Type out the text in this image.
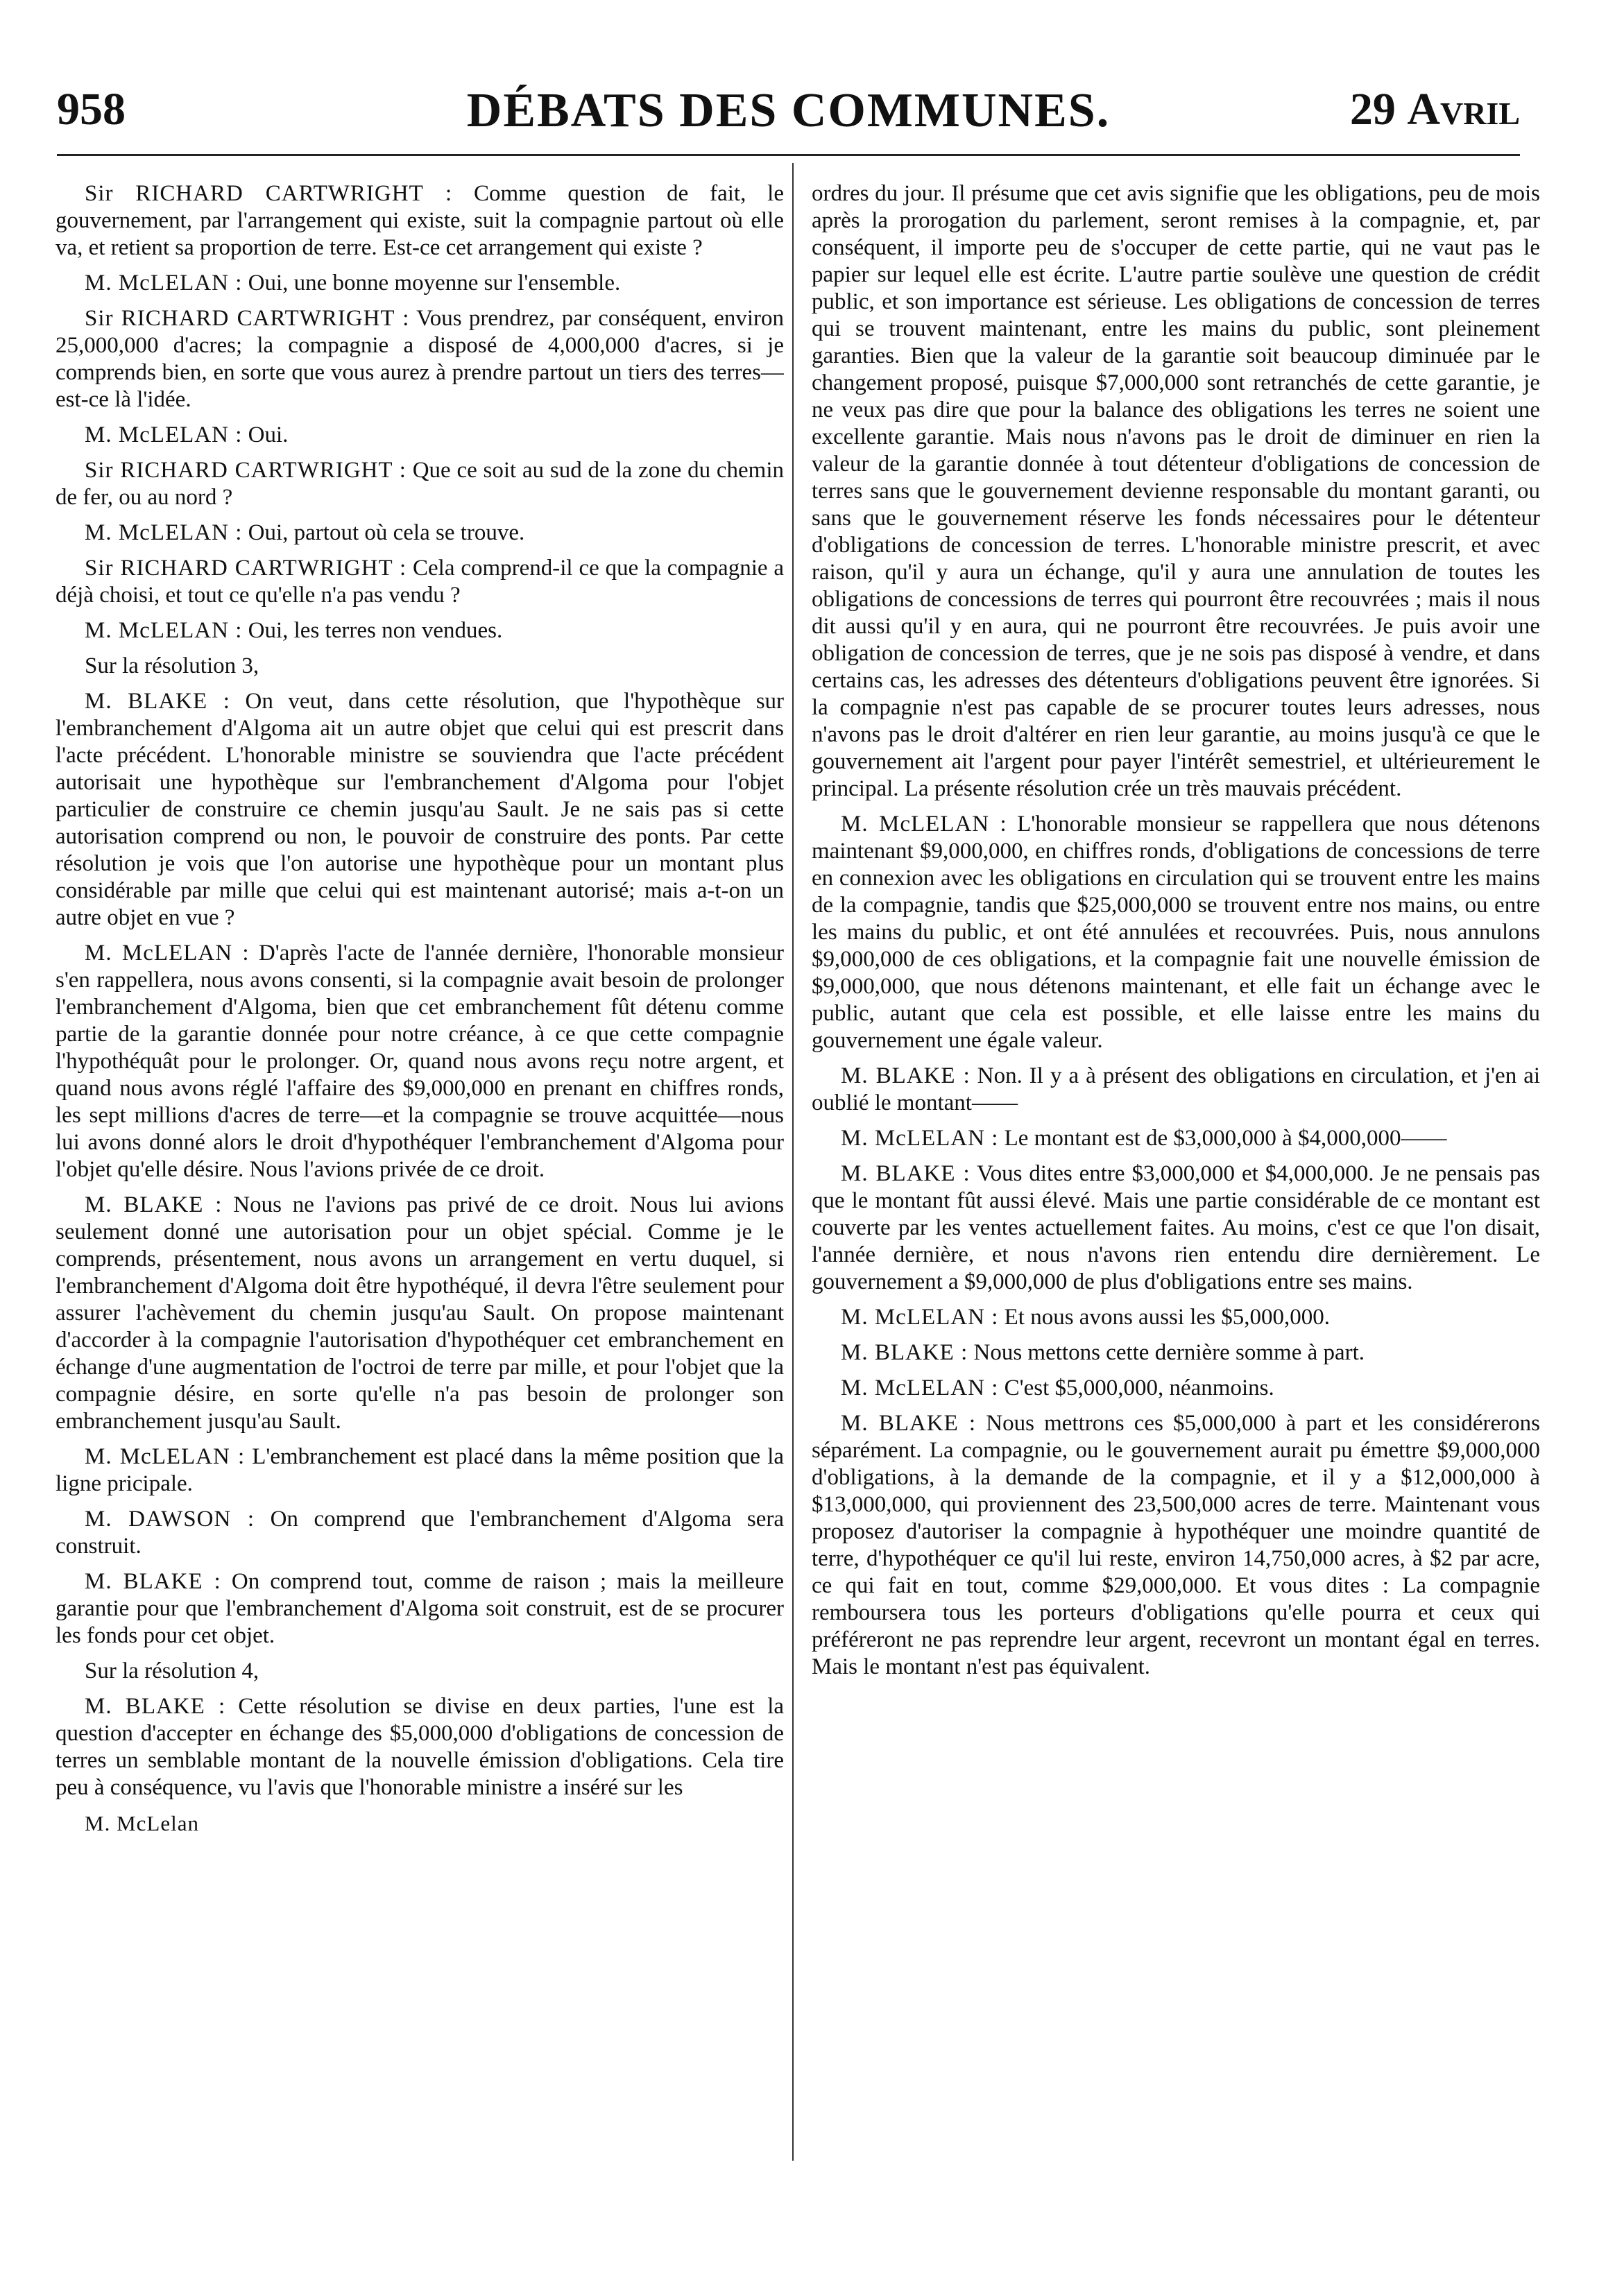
958	DÉBATS DES COMMUNES.	29 Avril

Sir RICHARD CARTWRIGHT : Comme question de fait, le gouvernement, par l'arrangement qui existe, suit la compagnie partout où elle va, et retient sa proportion de terre. Est-ce cet arrangement qui existe ?

M. McLELAN : Oui, une bonne moyenne sur l'ensemble.

Sir RICHARD CARTWRIGHT : Vous prendrez, par conséquent, environ 25,000,000 d'acres; la compagnie a disposé de 4,000,000 d'acres, si je comprends bien, en sorte que vous aurez à prendre partout un tiers des terres—est-ce là l'idée.

M. McLELAN : Oui.

Sir RICHARD CARTWRIGHT : Que ce soit au sud de la zone du chemin de fer, ou au nord ?

M. McLELAN : Oui, partout où cela se trouve.

Sir RICHARD CARTWRIGHT : Cela comprend-il ce que la compagnie a déjà choisi, et tout ce qu'elle n'a pas vendu ?

M. McLELAN : Oui, les terres non vendues.

Sur la résolution 3,

M. BLAKE : On veut, dans cette résolution, que l'hypothèque sur l'embranchement d'Algoma ait un autre objet que celui qui est prescrit dans l'acte précédent. L'honorable ministre se souviendra que l'acte précédent autorisait une hypothèque sur l'embranchement d'Algoma pour l'objet particulier de construire ce chemin jusqu'au Sault. Je ne sais pas si cette autorisation comprend ou non, le pouvoir de construire des ponts. Par cette résolution je vois que l'on autorise une hypothèque pour un montant plus considérable par mille que celui qui est maintenant autorisé; mais a-t-on un autre objet en vue ?

M. McLELAN : D'après l'acte de l'année dernière, l'honorable monsieur s'en rappellera, nous avons consenti, si la compagnie avait besoin de prolonger l'embranchement d'Algoma, bien que cet embranchement fût détenu comme partie de la garantie donnée pour notre créance, à ce que cette compagnie l'hypothéquât pour le prolonger. Or, quand nous avons reçu notre argent, et quand nous avons réglé l'affaire des $9,000,000 en prenant en chiffres ronds, les sept millions d'acres de terre—et la compagnie se trouve acquittée—nous lui avons donné alors le droit d'hypothéquer l'embranchement d'Algoma pour l'objet qu'elle désire. Nous l'avions privée de ce droit.

M. BLAKE : Nous ne l'avions pas privé de ce droit. Nous lui avions seulement donné une autorisation pour un objet spécial. Comme je le comprends, présentement, nous avons un arrangement en vertu duquel, si l'embranchement d'Algoma doit être hypothéqué, il devra l'être seulement pour assurer l'achèvement du chemin jusqu'au Sault. On propose maintenant d'accorder à la compagnie l'autorisation d'hypothéquer cet embranchement en échange d'une augmentation de l'octroi de terre par mille, et pour l'objet que la compagnie désire, en sorte qu'elle n'a pas besoin de prolonger son embranchement jusqu'au Sault.

M. McLELAN : L'embranchement est placé dans la même position que la ligne pricipale.

M. DAWSON : On comprend que l'embranchement d'Algoma sera construit.

M. BLAKE : On comprend tout, comme de raison ; mais la meilleure garantie pour que l'embranchement d'Algoma soit construit, est de se procurer les fonds pour cet objet.

Sur la résolution 4,

M. BLAKE : Cette résolution se divise en deux parties, l'une est la question d'accepter en échange des $5,000,000 d'obligations de concession de terres un semblable montant de la nouvelle émission d'obligations. Cela tire peu à conséquence, vu l'avis que l'honorable ministre a inséré sur les

M. McLelan

ordres du jour. Il présume que cet avis signifie que les obligations, peu de mois après la prorogation du parlement, seront remises à la compagnie, et, par conséquent, il importe peu de s'occuper de cette partie, qui ne vaut pas le papier sur lequel elle est écrite. L'autre partie soulève une question de crédit public, et son importance est sérieuse. Les obligations de concession de terres qui se trouvent maintenant, entre les mains du public, sont pleinement garanties. Bien que la valeur de la garantie soit beaucoup diminuée par le changement proposé, puisque $7,000,000 sont retranchés de cette garantie, je ne veux pas dire que pour la balance des obligations les terres ne soient une excellente garantie. Mais nous n'avons pas le droit de diminuer en rien la valeur de la garantie donnée à tout détenteur d'obligations de concession de terres sans que le gouvernement devienne responsable du montant garanti, ou sans que le gouvernement réserve les fonds nécessaires pour le détenteur d'obligations de concession de terres. L'honorable ministre prescrit, et avec raison, qu'il y aura un échange, qu'il y aura une annulation de toutes les obligations de concessions de terres qui pourront être recouvrées ; mais il nous dit aussi qu'il y en aura, qui ne pourront être recouvrées. Je puis avoir une obligation de concession de terres, que je ne sois pas disposé à vendre, et dans certains cas, les adresses des détenteurs d'obligations peuvent être ignorées. Si la compagnie n'est pas capable de se procurer toutes leurs adresses, nous n'avons pas le droit d'altérer en rien leur garantie, au moins jusqu'à ce que le gouvernement ait l'argent pour payer l'intérêt semestriel, et ultérieurement le principal. La présente résolution crée un très mauvais précédent.

M. McLELAN : L'honorable monsieur se rappellera que nous détenons maintenant $9,000,000, en chiffres ronds, d'obligations de concessions de terre en connexion avec les obligations en circulation qui se trouvent entre les mains de la compagnie, tandis que $25,000,000 se trouvent entre nos mains, ou entre les mains du public, et ont été annulées et recouvrées. Puis, nous annulons $9,000,000 de ces obligations, et la compagnie fait une nouvelle émission de $9,000,000, que nous détenons maintenant, et elle fait un échange avec le public, autant que cela est possible, et elle laisse entre les mains du gouvernement une égale valeur.

M. BLAKE : Non. Il y a à présent des obligations en circulation, et j'en ai oublié le montant——

M. McLELAN : Le montant est de $3,000,000 à $4,000,000——

M. BLAKE : Vous dites entre $3,000,000 et $4,000,000. Je ne pensais pas que le montant fût aussi élevé. Mais une partie considérable de ce montant est couverte par les ventes actuellement faites. Au moins, c'est ce que l'on disait, l'année dernière, et nous n'avons rien entendu dire dernièrement. Le gouvernement a $9,000,000 de plus d'obligations entre ses mains.

M. McLELAN : Et nous avons aussi les $5,000,000.

M. BLAKE : Nous mettons cette dernière somme à part.

M. McLELAN : C'est $5,000,000, néanmoins.

M. BLAKE : Nous mettrons ces $5,000,000 à part et les considérerons séparément. La compagnie, ou le gouvernement aurait pu émettre $9,000,000 d'obligations, à la demande de la compagnie, et il y a $12,000,000 à $13,000,000, qui proviennent des 23,500,000 acres de terre. Maintenant vous proposez d'autoriser la compagnie à hypothéquer une moindre quantité de terre, d'hypothéquer ce qu'il lui reste, environ 14,750,000 acres, à $2 par acre, ce qui fait en tout, comme $29,000,000. Et vous dites : La compagnie remboursera tous les porteurs d'obligations qu'elle pourra et ceux qui préféreront ne pas reprendre leur argent, recevront un montant égal en terres. Mais le montant n'est pas équivalent.
